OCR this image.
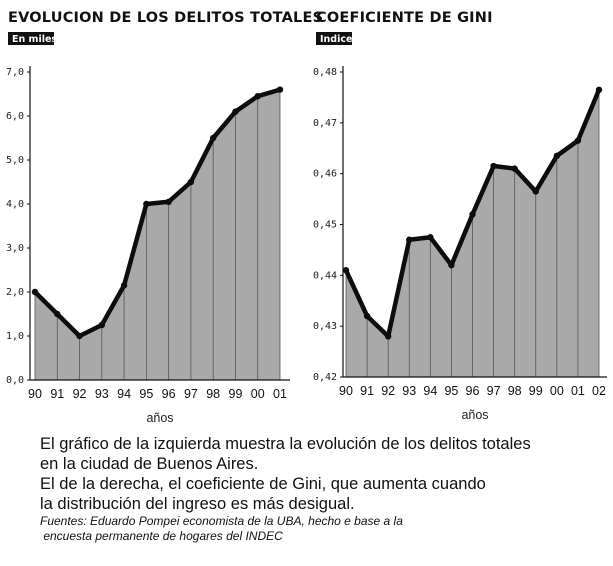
EVOLUCION DE LOS DELITOS TOTALES
En miles
0,0
1,0
2,0
3,0
4,0
5,0
6,0
7,0
90 91 92 93 94 95 96 97 98 99 00 01
años
COEFICIENTE DE GINI
Indice
0,42
0,43
0,44
0,45
0,46
0,47
0,48
90 91 92 93 94 95 96 97 98 99 00 01 02
años

El gráfico de la izquierda muestra la evolución de los delitos totales

en la ciudad de Buenos Aires.

El de la derecha, el coeficiente de Gini, que aumenta cuando

la distribución del ingreso es más desigual.

Fuentes: Eduardo Pompei economista de la UBA, hecho e base a la

encuesta permanente de hogares del INDEC
